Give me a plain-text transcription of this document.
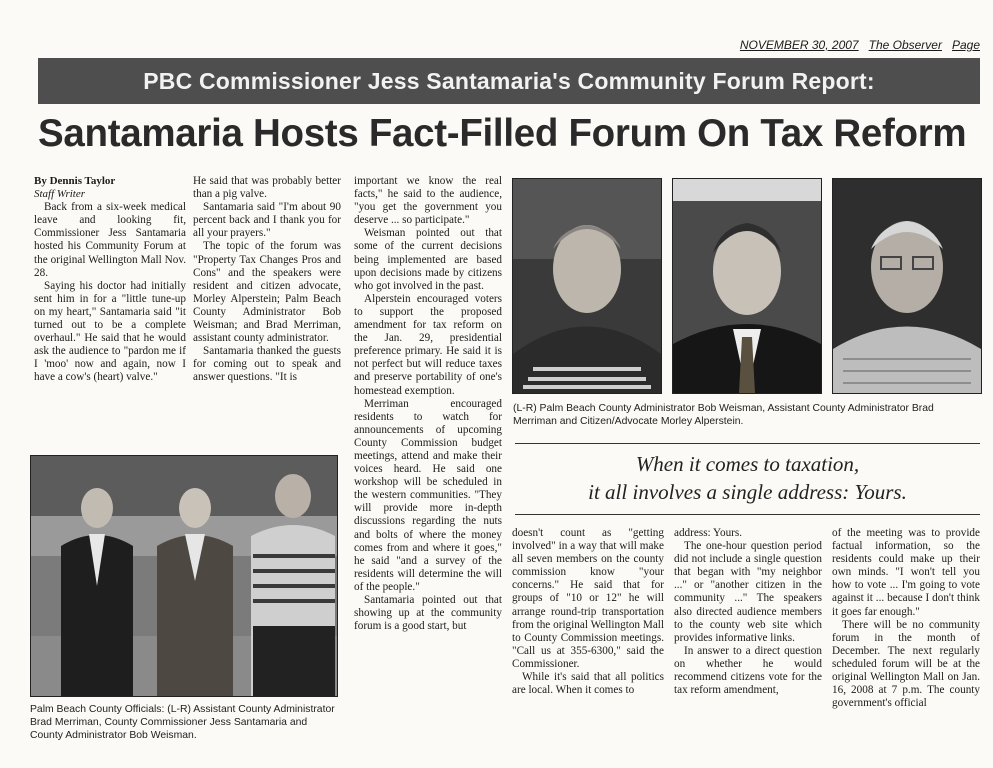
NOVEMBER 30, 2007 The Observer Page
PBC Commissioner Jess Santamaria's Community Forum Report:
Santamaria Hosts Fact-Filled Forum On Tax Reform

By Dennis Taylor

Staff Writer

Back from a six-week medical leave and looking fit, Commissioner Jess Santamaria hosted his Community Forum at the original Wellington Mall Nov. 28.

Saying his doctor had initially sent him in for a "little tune-up on my heart," Santamaria said "it turned out to be a complete overhaul." He said that he would ask the audience to "pardon me if I 'moo' now and again, now I have a cow's (heart) valve."

He said that was probably better than a pig valve.

Santamaria said "I'm about 90 percent back and I thank you for all your prayers."

The topic of the forum was "Property Tax Changes Pros and Cons" and the speakers were resident and citizen advocate, Morley Alperstein; Palm Beach County Administrator Bob Weisman; and Brad Merriman, assistant county administrator.

Santamaria thanked the guests for coming out to speak and answer questions. "It is

important we know the real facts," he said to the audience, "you get the government you deserve ... so participate."

Weisman pointed out that some of the current decisions being implemented are based upon decisions made by citizens who got involved in the past.

Alperstein encouraged voters to support the proposed amendment for tax reform on the Jan. 29, presidential preference primary. He said it is not perfect but will reduce taxes and preserve portability of one's homestead exemption.

Merriman encouraged residents to watch for announcements of upcoming County Commission budget meetings, attend and make their voices heard. He said one workshop will be scheduled in the western communities. "They will provide more in-depth discussions regarding the nuts and bolts of where the money comes from and where it goes," he said "and a survey of the residents will determine the will of the people."

Santamaria pointed out that showing up at the community forum is a good start, but

(L-R) Palm Beach County Administrator Bob Weisman, Assistant County Administrator Brad Merriman and Citizen/Advocate Morley Alperstein.
When it comes to taxation,
it all involves a single address: Yours.
Palm Beach County Officials: (L-R) Assistant County Administrator Brad Merriman, County Commissioner Jess Santamaria and County Administrator Bob Weisman.

doesn't count as "getting involved" in a way that will make all seven members on the county commission know "your concerns." He said that for groups of "10 or 12" he will arrange round-trip transportation from the original Wellington Mall to County Commission meetings. "Call us at 355-6300," said the Commissioner.

While it's said that all politics are local. When it comes to

address: Yours.

The one-hour question period did not include a single question that began with "my neighbor ..." or "another citizen in the community ..." The speakers also directed audience members to the county web site which provides informative links.

In answer to a direct question on whether he would recommend citizens vote for the tax reform amendment,

of the meeting was to provide factual information, so the residents could make up their own minds. "I won't tell you how to vote ... I'm going to vote against it ... because I don't think it goes far enough."

There will be no community forum in the month of December. The next regularly scheduled forum will be at the original Wellington Mall on Jan. 16, 2008 at 7 p.m. The county government's official
